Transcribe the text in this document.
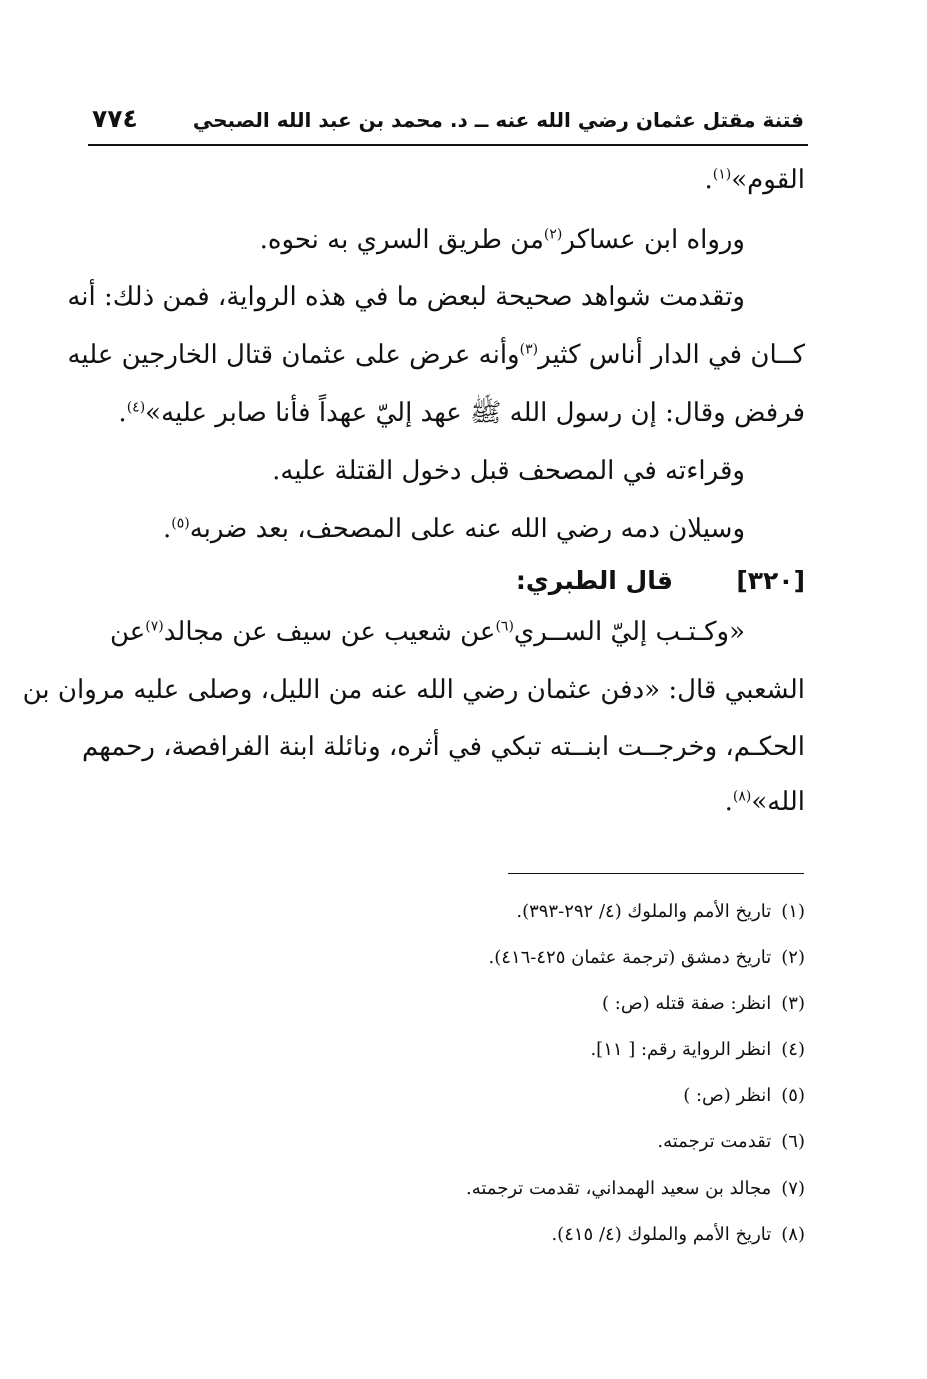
٧٧٤	فتنة مقتل عثمان رضي الله عنه ــ د. محمد بن عبد الله الصبحي
القوم»$^{(١)}$.
ورواه ابن عساكر$^{(٢)}$من طريق السري به نحوه.
وتقدمت شواهد صحيحة لبعض ما في هذه الرواية، فمن ذلك: أنه
كــان في الدار أناس كثير$^{(٣)}$وأنه عرض على عثمان قتال الخارجين عليه
فرفض وقال: إن رسول الله ﷺ عهد إليّ عهداً فأنا صابر عليه»$^{(٤)}$.
وقراءته في المصحف قبل دخول القتلة عليه.
وسيلان دمه رضي الله عنه على المصحف، بعد ضربه$^{(٥)}$.
[٣٢٠]
قال الطبري:
«وكـتـب إليّ الســري$^{(٦)}$عن شعيب عن سيف عن مجالد$^{(٧)}$عن
الشعبي قال: «دفن عثمان رضي الله عنه من الليل، وصلى عليه مروان بن
الحكـم، وخرجــت ابنــته تبكي في أثره، ونائلة ابنة الفرافصة، رحمهم
الله»$^{(٨)}$.
(١)تاريخ الأمم والملوك (٤/ ٢٩٢-٣٩٣).
(٢)تاريخ دمشق (ترجمة عثمان ٤٢٥-٤١٦).
(٣)انظر: صفة قتله (ص: )
(٤)انظر الرواية رقم: [ ١١].
(٥)انظر (ص: )
(٦)تقدمت ترجمته.
(٧)مجالد بن سعيد الهمداني، تقدمت ترجمته.
(٨)تاريخ الأمم والملوك (٤/ ٤١٥).
